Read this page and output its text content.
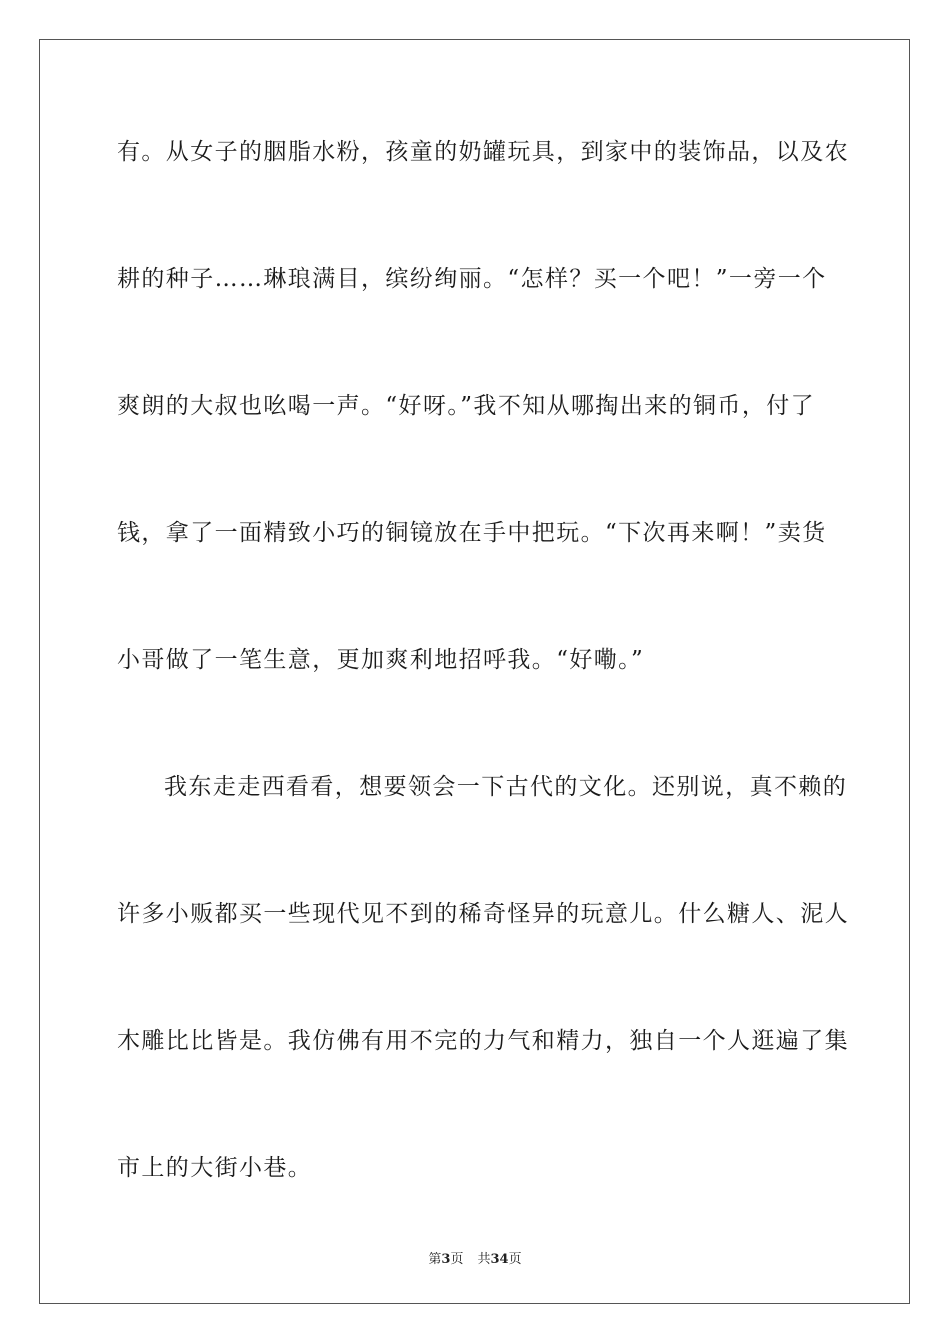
有。从女子的胭脂水粉，孩童的奶罐玩具，到家中的装饰品，以及农
耕的种子……琳琅满目，缤纷绚丽。“怎样？买一个吧！”一旁一个
爽朗的大叔也吆喝一声。“好呀。”我不知从哪掏出来的铜币，付了
钱，拿了一面精致小巧的铜镜放在手中把玩。“下次再来啊！”卖货
小哥做了一笔生意，更加爽利地招呼我。“好嘞。”
我东走走西看看，想要领会一下古代的文化。还别说，真不赖的
许多小贩都买一些现代见不到的稀奇怪异的玩意儿。什么糖人、泥人
木雕比比皆是。我仿佛有用不完的力气和精力，独自一个人逛遍了集
市上的大街小巷。
第3页 共34页
